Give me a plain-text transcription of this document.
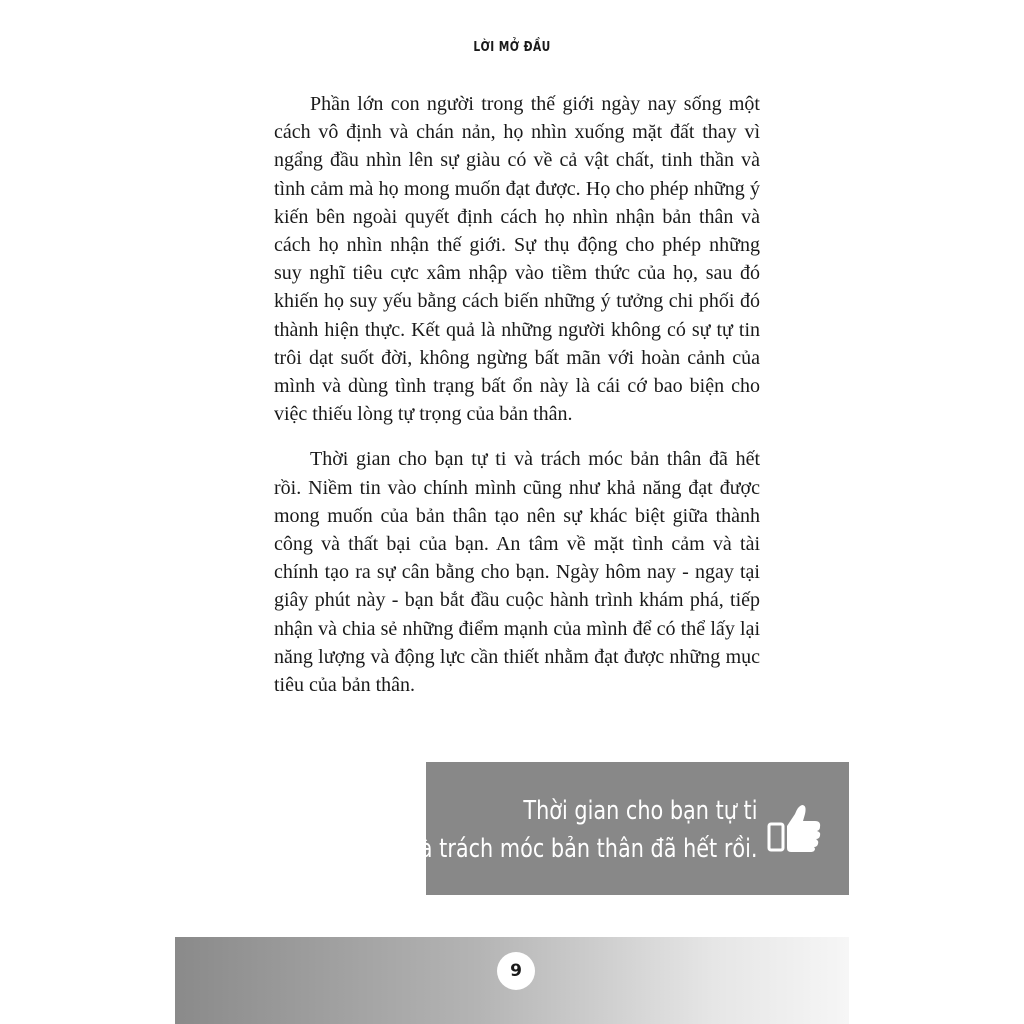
LỜI MỞ ĐẦU

Phần lớn con người trong thế giới ngày nay sống một cách vô định và chán nản, họ nhìn xuống mặt đất thay vì ngẩng đầu nhìn lên sự giàu có về cả vật chất, tinh thần và tình cảm mà họ mong muốn đạt được. Họ cho phép những ý kiến bên ngoài quyết định cách họ nhìn nhận bản thân và cách họ nhìn nhận thế giới. Sự thụ động cho phép những suy nghĩ tiêu cực xâm nhập vào tiềm thức của họ, sau đó khiến họ suy yếu bằng cách biến những ý tưởng chi phối đó thành hiện thực. Kết quả là những người không có sự tự tin trôi dạt suốt đời, không ngừng bất mãn với hoàn cảnh của mình và dùng tình trạng bất ổn này là cái cớ bao biện cho việc thiếu lòng tự trọng của bản thân.

Thời gian cho bạn tự ti và trách móc bản thân đã hết rồi. Niềm tin vào chính mình cũng như khả năng đạt được mong muốn của bản thân tạo nên sự khác biệt giữa thành công và thất bại của bạn. An tâm về mặt tình cảm và tài chính tạo ra sự cân bằng cho bạn. Ngày hôm nay - ngay tại giây phút này - bạn bắt đầu cuộc hành trình khám phá, tiếp nhận và chia sẻ những điểm mạnh của mình để có thể lấy lại năng lượng và động lực cần thiết nhằm đạt được những mục tiêu của bản thân.

Thời gian cho bạn tự ti
và trách móc bản thân đã hết rồi.
9
